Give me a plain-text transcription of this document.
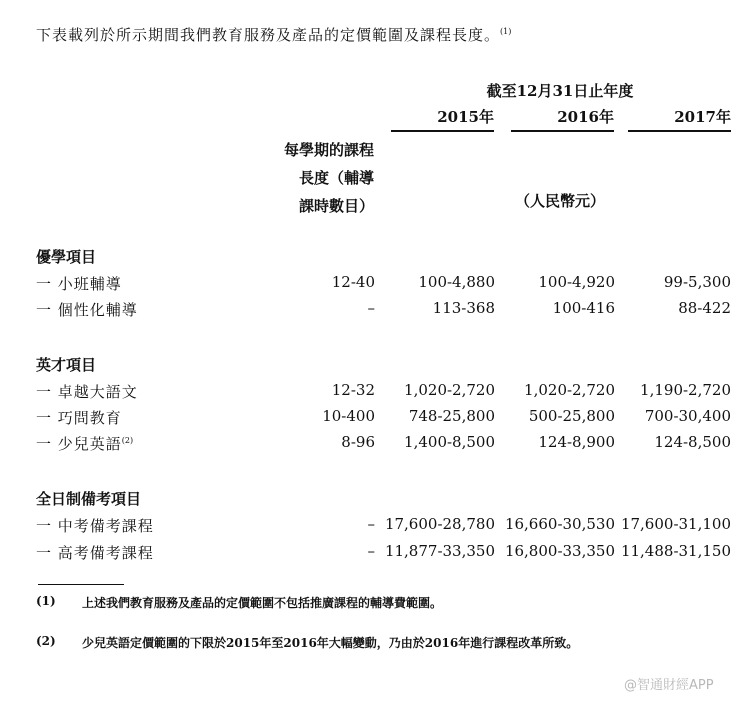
下表載列於所示期間我們教育服務及產品的定價範圍及課程長度。$^{(1)}$
截至12月31日止年度
2015年	2016年	2017年
每學期的課程
長度（輔導
課時數目）	（人民幣元）
優學項目
一 小班輔導	12-40	100-4,880	100-4,920	99-5,300
一 個性化輔導	–	113-368	100-416	88-422
英才項目
一 卓越大語文	12-32	1,020-2,720	1,020-2,720	1,190-2,720
一 巧問教育	10-400	748-25,800	500-25,800	700-30,400
一 少兒英語$^{(2)}$	8-96	1,400-8,500	124-8,900	124-8,500
全日制備考項目
一 中考備考課程	– 17,600-28,780 16,660-30,530 17,600-31,100
一 高考備考課程	– 11,877-33,350 16,800-33,350 11,488-31,150
(1) 上述我們教育服務及產品的定價範圍不包括推廣課程的輔導費範圍。
(2) 少兒英語定價範圍的下限於2015年至2016年大幅變動，乃由於2016年進行課程改革所致。
@智通財經APP
